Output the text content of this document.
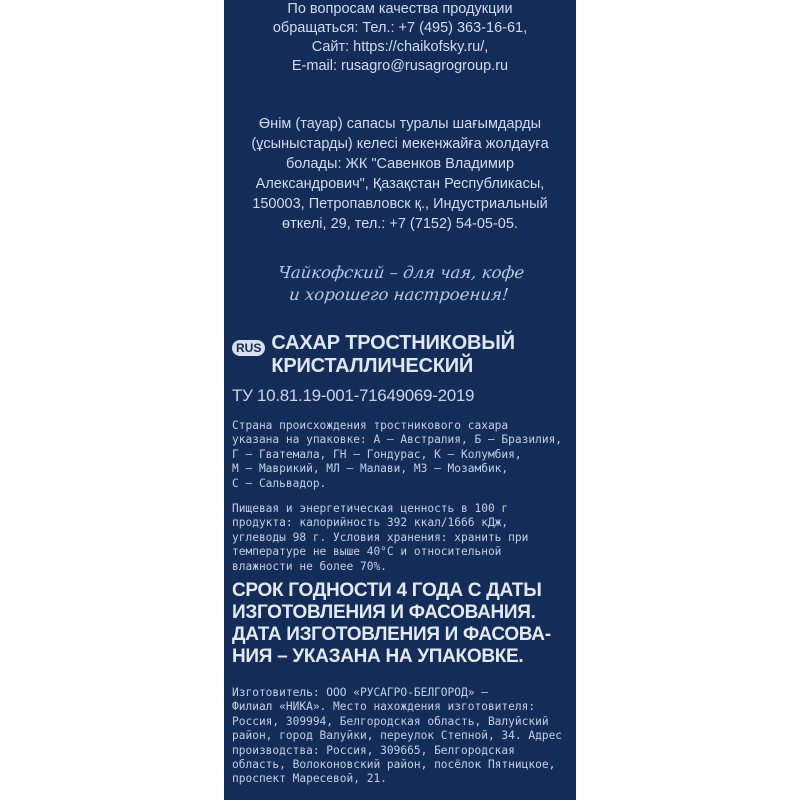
По вопросам качества продукции

обращаться: Тел.: +7 (495) 363-16-61,

Сайт: https://chaikofsky.ru/,

E-mail: rusagro@rusagrogroup.ru

Өнім (тауар) сапасы туралы шағымдарды

(ұсыныстарды) келесі мекенжайға жолдауға

болады: ЖК "Савенков Владимир

Александрович", Қазақстан Республикасы,

150003, Петропавловск қ., Индустриальный

өткелі, 29, тел.: +7 (7152) 54-05-05.

Чайкофский – для чая, кофе
и хорошего настроения!
RUS САХАР ТРОСТНИКОВЫЙ
КРИСТАЛЛИЧЕСКИЙ
ТУ 10.81.19-001-71649069-2019
Страна происхождения тростникового сахара
указана на упаковке: А – Австралия, Б – Бразилия,
Г – Гватемала, ГН – Гондурас, К – Колумбия,
М – Маврикий, МЛ – Малави, МЗ – Мозамбик,
С – Сальвадор.
Пищевая и энергетическая ценность в 100 г
продукта: калорийность 392 ккал/1666 кДж,
углеводы 98 г. Условия хранения: хранить при
температуре не выше 40°С и относительной
влажности не более 70%.
СРОК ГОДНОСТИ 4 ГОДА С ДАТЫ
ИЗГОТОВЛЕНИЯ И ФАСОВАНИЯ.
ДАТА ИЗГОТОВЛЕНИЯ И ФАСОВА-
НИЯ – УКАЗАНА НА УПАКОВКЕ.
Изготовитель: ООО «РУСАГРО-БЕЛГОРОД» –
Филиал «НИКА». Место нахождения изготовителя:
Россия, 309994, Белгородская область, Валуйский
район, город Валуйки, переулок Степной, 34. Адрес
производства: Россия, 309665, Белгородская
область, Волоконовский район, посёлок Пятницкое,
проспект Маресевой, 21.
